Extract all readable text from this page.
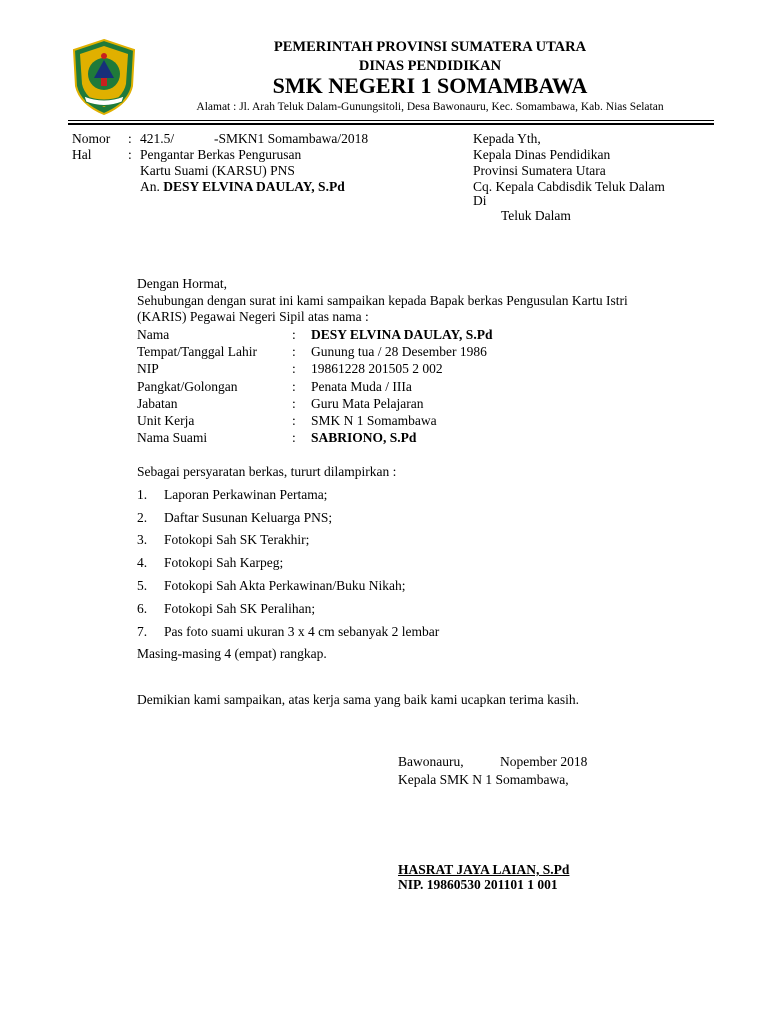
PEMERINTAH PROVINSI SUMATERA UTARA
DINAS PENDIDIKAN
SMK NEGERI 1 SOMAMBAWA
Alamat : Jl. Arah Teluk Dalam-Gunungsitoli, Desa Bawonauru, Kec. Somambawa, Kab. Nias Selatan
Nomor : 421.5/	-SMKN1 Somambawa/2018
Hal	: Pengantar Berkas Pengurusan
Kartu Suami (KARSU) PNS
An. DESY ELVINA DAULAY, S.Pd
Kepada Yth,
Kepala Dinas Pendidikan
Provinsi Sumatera Utara
Cq. Kepala Cabdisdik Teluk Dalam
Di
Teluk Dalam
Dengan Hormat,
Sehubungan dengan surat ini kami sampaikan kepada Bapak berkas Pengusulan Kartu Istri
(KARIS) Pegawai Negeri Sipil atas nama :
Nama	: DESY ELVINA DAULAY, S.Pd
Tempat/Tanggal Lahir	: Gunung tua / 28 Desember 1986
NIP	: 19861228 201505 2 002
Pangkat/Golongan	: Penata Muda / IIIa
Jabatan	: Guru Mata Pelajaran
Unit Kerja	: SMK N 1 Somambawa
Nama Suami	: SABRIONO, S.Pd
Sebagai persyaratan berkas, tururt dilampirkan :
1. Laporan Perkawinan Pertama;
2. Daftar Susunan Keluarga PNS;
3. Fotokopi Sah SK Terakhir;
4. Fotokopi Sah Karpeg;
5. Fotokopi Sah Akta Perkawinan/Buku Nikah;
6. Fotokopi Sah SK Peralihan;
7. Pas foto suami ukuran 3 x 4 cm sebanyak 2 lembar
Masing-masing 4 (empat) rangkap.
Demikian kami sampaikan, atas kerja sama yang baik kami ucapkan terima kasih.
Bawonauru,	Nopember 2018
Kepala SMK N 1 Somambawa,
HASRAT JAYA LAIAN, S.Pd
NIP. 19860530 201101 1 001
